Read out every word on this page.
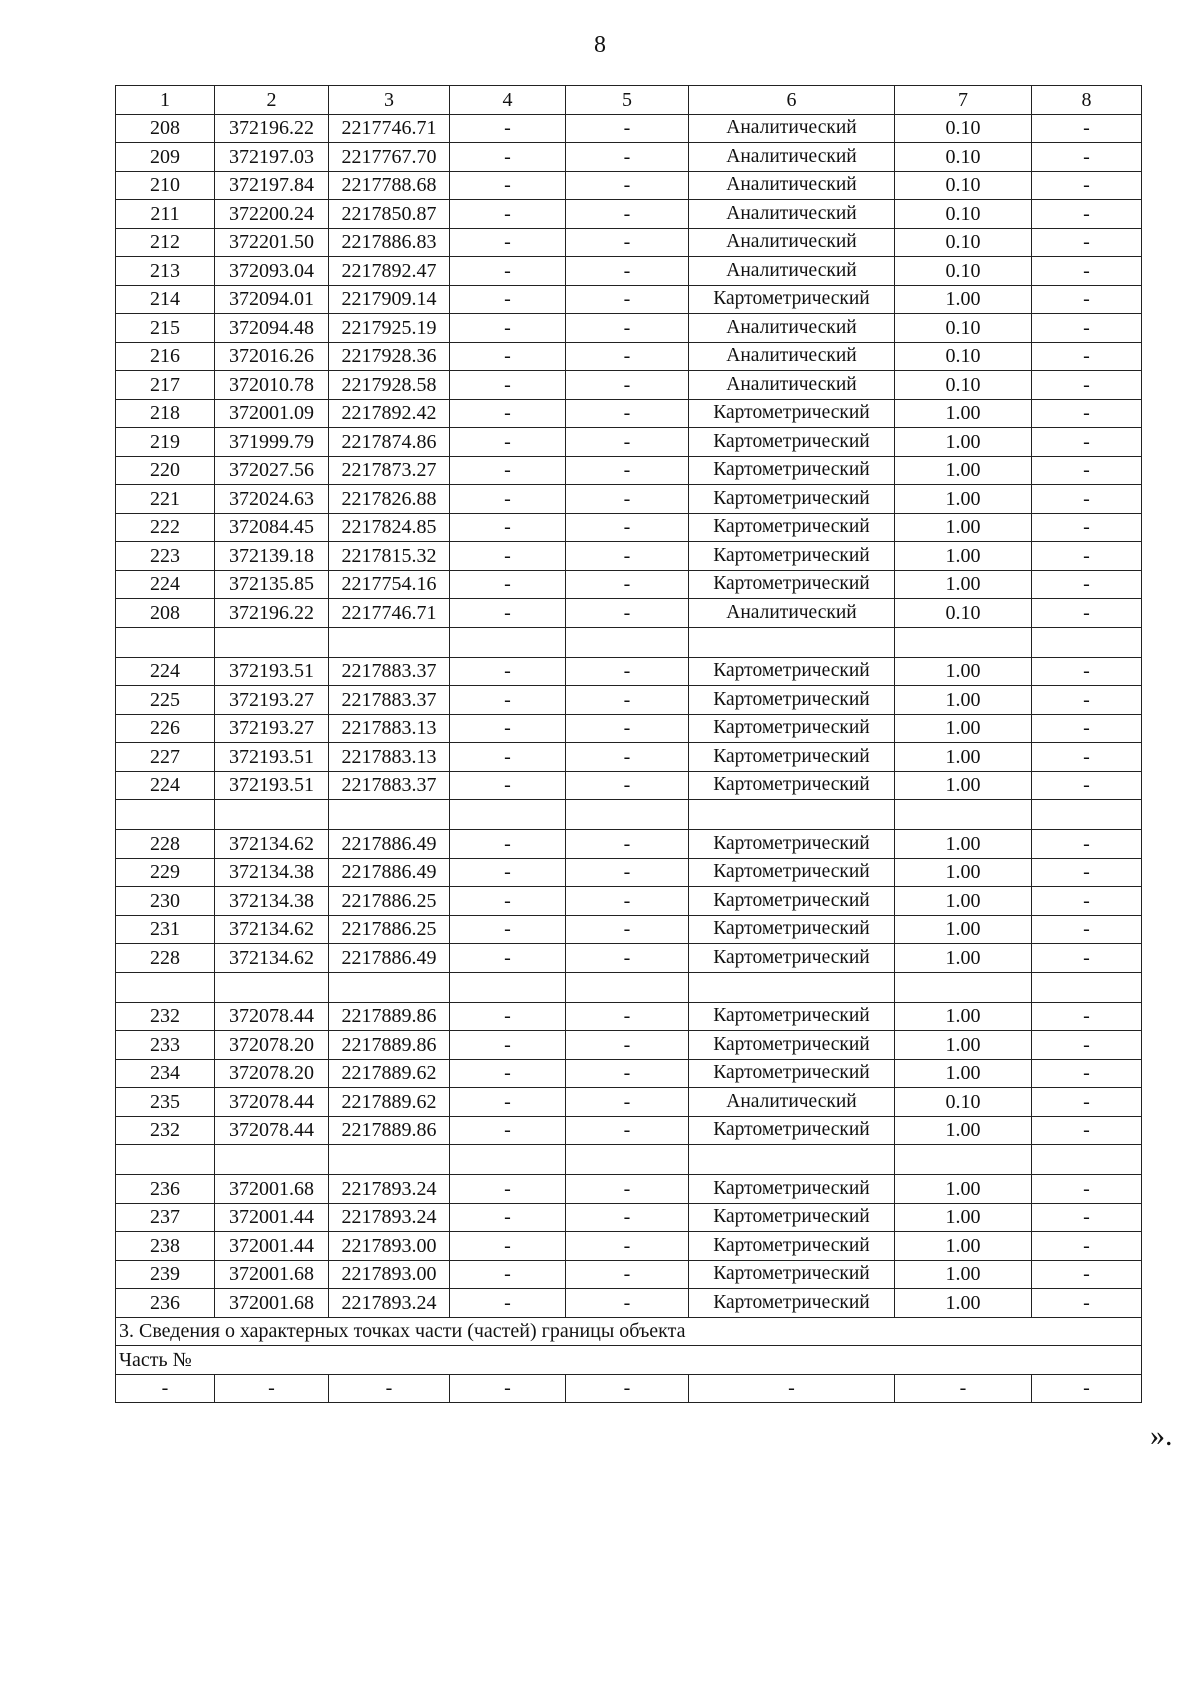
8
1	2	3	4	5	6	7	8
208	372196.22	2217746.71	-	-	Аналитический	0.10	-
209	372197.03	2217767.70	-	-	Аналитический	0.10	-
210	372197.84	2217788.68	-	-	Аналитический	0.10	-
211	372200.24	2217850.87	-	-	Аналитический	0.10	-
212	372201.50	2217886.83	-	-	Аналитический	0.10	-
213	372093.04	2217892.47	-	-	Аналитический	0.10	-
214	372094.01	2217909.14	-	-	Картометрический	1.00	-
215	372094.48	2217925.19	-	-	Аналитический	0.10	-
216	372016.26	2217928.36	-	-	Аналитический	0.10	-
217	372010.78	2217928.58	-	-	Аналитический	0.10	-
218	372001.09	2217892.42	-	-	Картометрический	1.00	-
219	371999.79	2217874.86	-	-	Картометрический	1.00	-
220	372027.56	2217873.27	-	-	Картометрический	1.00	-
221	372024.63	2217826.88	-	-	Картометрический	1.00	-
222	372084.45	2217824.85	-	-	Картометрический	1.00	-
223	372139.18	2217815.32	-	-	Картометрический	1.00	-
224	372135.85	2217754.16	-	-	Картометрический	1.00	-
208	372196.22	2217746.71	-	-	Аналитический	0.10	-

224	372193.51	2217883.37	-	-	Картометрический	1.00	-
225	372193.27	2217883.37	-	-	Картометрический	1.00	-
226	372193.27	2217883.13	-	-	Картометрический	1.00	-
227	372193.51	2217883.13	-	-	Картометрический	1.00	-
224	372193.51	2217883.37	-	-	Картометрический	1.00	-

228	372134.62	2217886.49	-	-	Картометрический	1.00	-
229	372134.38	2217886.49	-	-	Картометрический	1.00	-
230	372134.38	2217886.25	-	-	Картометрический	1.00	-
231	372134.62	2217886.25	-	-	Картометрический	1.00	-
228	372134.62	2217886.49	-	-	Картометрический	1.00	-

232	372078.44	2217889.86	-	-	Картометрический	1.00	-
233	372078.20	2217889.86	-	-	Картометрический	1.00	-
234	372078.20	2217889.62	-	-	Картометрический	1.00	-
235	372078.44	2217889.62	-	-	Аналитический	0.10	-
232	372078.44	2217889.86	-	-	Картометрический	1.00	-

236	372001.68	2217893.24	-	-	Картометрический	1.00	-
237	372001.44	2217893.24	-	-	Картометрический	1.00	-
238	372001.44	2217893.00	-	-	Картометрический	1.00	-
239	372001.68	2217893.00	-	-	Картометрический	1.00	-
236	372001.68	2217893.24	-	-	Картометрический	1.00	-
3. Сведения о характерных точках части (частей) границы объекта							
Часть №							
-	-	-	-	-	-	-	-
».
